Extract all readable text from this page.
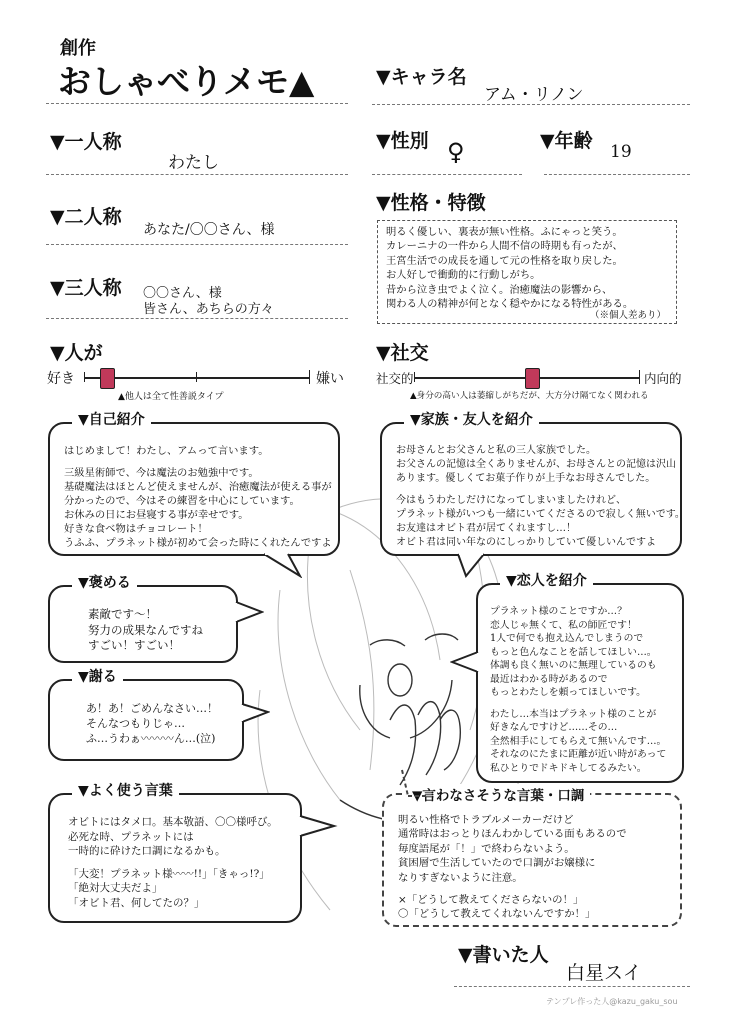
創作
おしゃべりメモ▲	▼キャラ名
アム・リノン
▼一人称
わたし
▼二人称
あなた/〇〇さん、様
▼三人称 〇〇さん、様
皆さん、あちらの方々
▼性別 ♀	▼年齢 19
▼性格・特徴
明るく優しい、裏表が無い性格。ふにゃっと笑う。
カレーニナの一件から人間不信の時期も有ったが、
王宮生活での成長を通して元の性格を取り戻した。
お人好しで衝動的に行動しがち。
昔から泣き虫でよく泣く。治癒魔法の影響から、
関わる人の精神が何となく穏やかになる特性がある。
（※個人差あり）
▼人が
好き	嫌い
▲他人は全て性善説タイプ
▼社交
社交的	内向的
▲身分の高い人は萎縮しがちだが、大方分け隔てなく関われる
▼自己紹介
はじめまして！わたし、アムって言います。
三級星術師で、今は魔法のお勉強中です。
基礎魔法はほとんど使えませんが、治癒魔法が使える事が
分かったので、今はその練習を中心にしています。
お休みの日にお昼寝する事が幸せです。
好きな食べ物はチョコレート！
うふふ、プラネット様が初めて会った時にくれたんですよ
▼家族・友人を紹介
お母さんとお父さんと私の三人家族でした。
お父さんの記憶は全くありませんが、お母さんとの記憶は沢山
あります。優しくてお菓子作りが上手なお母さんでした。
今はもうわたしだけになってしまいましたけれど、
プラネット様がいつも一緒にいてくださるので寂しく無いです。
お友達はオビト君が居てくれますし…！
オビト君は同い年なのにしっかりしていて優しいんですよ
▼褒める
素敵です～！
努力の成果なんですね
すごい！すごい！
▼恋人を紹介
プラネット様のことですか…？
恋人じゃ無くて、私の師匠です！
1人で何でも抱え込んでしまうので
もっと色んなことを話してほしい…。
体調も良く無いのに無理しているのも
最近はわかる時があるので
もっとわたしを頼ってほしいです。
わたし…本当はプラネット様のことが
好きなんですけど……その…
全然相手にしてもらえて無いんです…。
それなのにたまに距離が近い時があって
私ひとりでドキドキしてるみたい。
▼謝る
あ！あ！ごめんなさい…！
そんなつもりじゃ…
ふ…うわぁ〰〰〰ん…(泣)
▼よく使う言葉
オビトにはタメ口。基本敬語、〇〇様呼び。
必死な時、プラネットには
一時的に砕けた口調になるかも。
「大変！プラネット様〰〰!!」「きゃっ!?」
「絶対大丈夫だよ」
「オビト君、何してたの？」
▼言わなさそうな言葉・口調
明るい性格でトラブルメーカーだけど
通常時はおっとりほんわかしている面もあるので
毎度語尾が「！」で終わらないよう。
貧困層で生活していたので口調がお嬢様に
なりすぎないように注意。
×「どうして教えてくださらないの！」
〇「どうして教えてくれないんですか！」
▼書いた人
白星スイ
テンプレ作った人@kazu_gaku_sou
